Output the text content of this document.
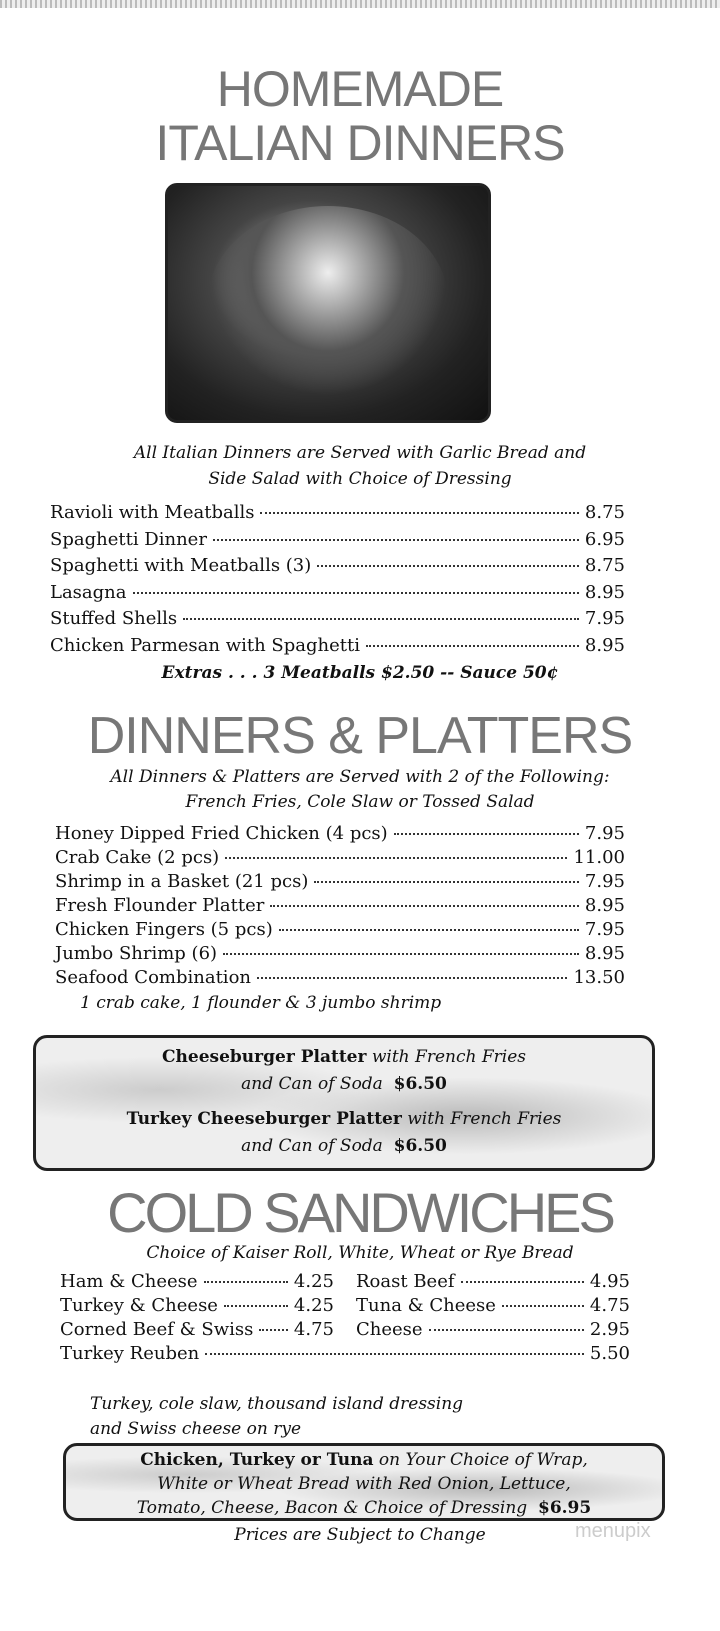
HOMEMADE
ITALIAN DINNERS
All Italian Dinners are Served with Garlic Bread and
Side Salad with Choice of Dressing
Ravioli with Meatballs	8.75
Spaghetti Dinner	6.95
Spaghetti with Meatballs (3)	8.75
Lasagna	8.95
Stuffed Shells	7.95
Chicken Parmesan with Spaghetti	8.95
Extras . . . 3 Meatballs $2.50 -- Sauce 50¢
DINNERS & PLATTERS
All Dinners & Platters are Served with 2 of the Following:
French Fries, Cole Slaw or Tossed Salad
Honey Dipped Fried Chicken (4 pcs)	7.95
Crab Cake (2 pcs)	11.00
Shrimp in a Basket (21 pcs)	7.95
Fresh Flounder Platter	8.95
Chicken Fingers (5 pcs)	7.95
Jumbo Shrimp (6)	8.95
Seafood Combination	13.50
1 crab cake, 1 flounder & 3 jumbo shrimp
Cheeseburger Platter with French Fries
and Can of Soda $6.50
Turkey Cheeseburger Platter with French Fries
and Can of Soda $6.50
COLD SANDWICHES
Choice of Kaiser Roll, White, Wheat or Rye Bread
Ham & Cheese	4.25
Turkey & Cheese	4.25
Corned Beef & Swiss 4.75
Roast Beef	4.95
Tuna & Cheese	4.75
Cheese	2.95
Turkey Reuben	5.50
Turkey, cole slaw, thousand island dressing
and Swiss cheese on rye
Chicken, Turkey or Tuna on Your Choice of Wrap,
White or Wheat Bread with Red Onion, Lettuce,
Tomato, Cheese, Bacon & Choice of Dressing $6.95
Prices are Subject to Change	menupix
